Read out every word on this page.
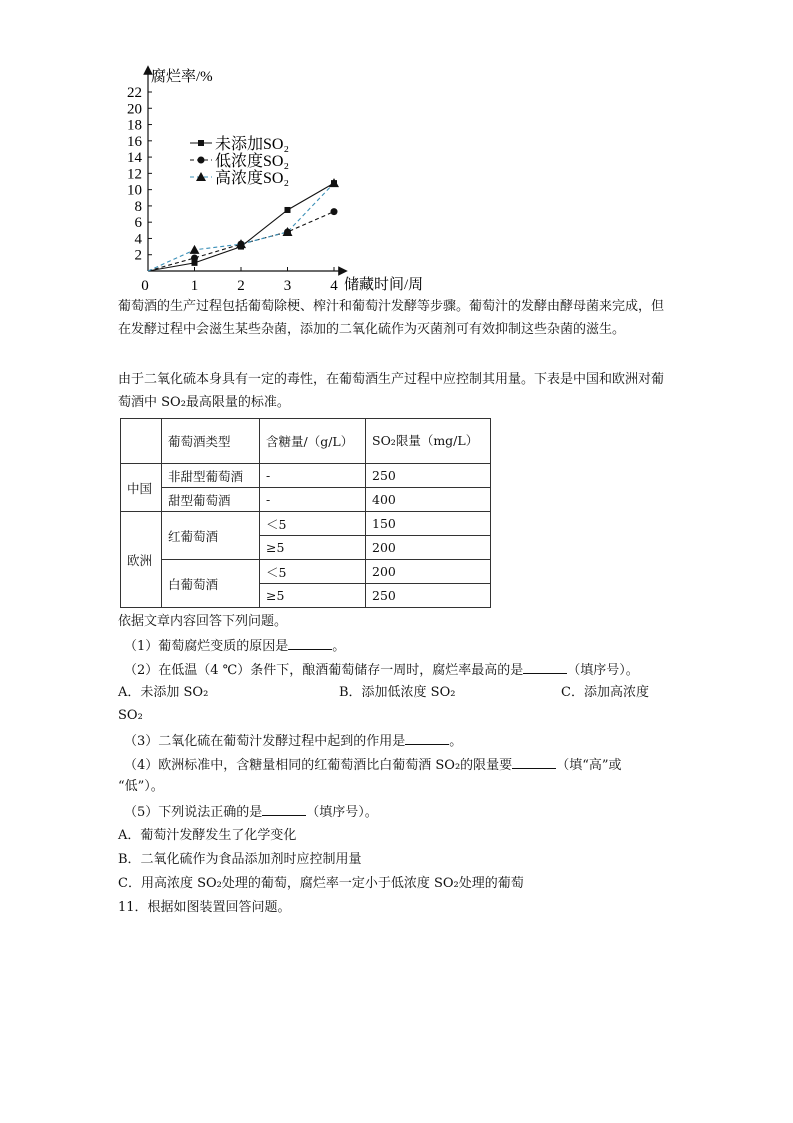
腐烂率/%
储藏时间/周
2
4
6
8
10
12
14
16
18
20
22
0	1	2	3	4
未添加SO₂
低浓度SO₂
高浓度SO₂
葡萄酒的生产过程包括葡萄除梗、榨汁和葡萄汁发酵等步骤。葡萄汁的发酵由酵母菌来完成，但在发酵过程中会滋生某些杂菌，添加的二氧化硫作为灭菌剂可有效抑制这些杂菌的滋生。
由于二氧化硫本身具有一定的毒性，在葡萄酒生产过程中应控制其用量。下表是中国和欧洲对葡萄酒中 SO₂最高限量的标准。
	葡萄酒类型	含糖量/（g/L）	SO₂限量（mg/L）
中国	非甜型葡萄酒	-	250
	甜型葡萄酒	-	400
欧洲	红葡萄酒	＜5	150
		≥5	200
	白葡萄酒	＜5	200
		≥5	250
依据文章内容回答下列问题。
（1）葡萄腐烂变质的原因是	。
（2）在低温（4 ℃）条件下，酿酒葡萄储存一周时，腐烂率最高的是	（填序号）。
A．未添加 SO₂	B．添加低浓度 SO₂	C．添加高浓度
SO₂
（3）二氧化硫在葡萄汁发酵过程中起到的作用是	。
（4）欧洲标准中，含糖量相同的红葡萄酒比白葡萄酒 SO₂的限量要	（填“高”或
“低”）。
（5）下列说法正确的是	（填序号）。
A．葡萄汁发酵发生了化学变化
B．二氧化硫作为食品添加剂时应控制用量
C．用高浓度 SO₂处理的葡萄，腐烂率一定小于低浓度 SO₂处理的葡萄
11．根据如图装置回答问题。
